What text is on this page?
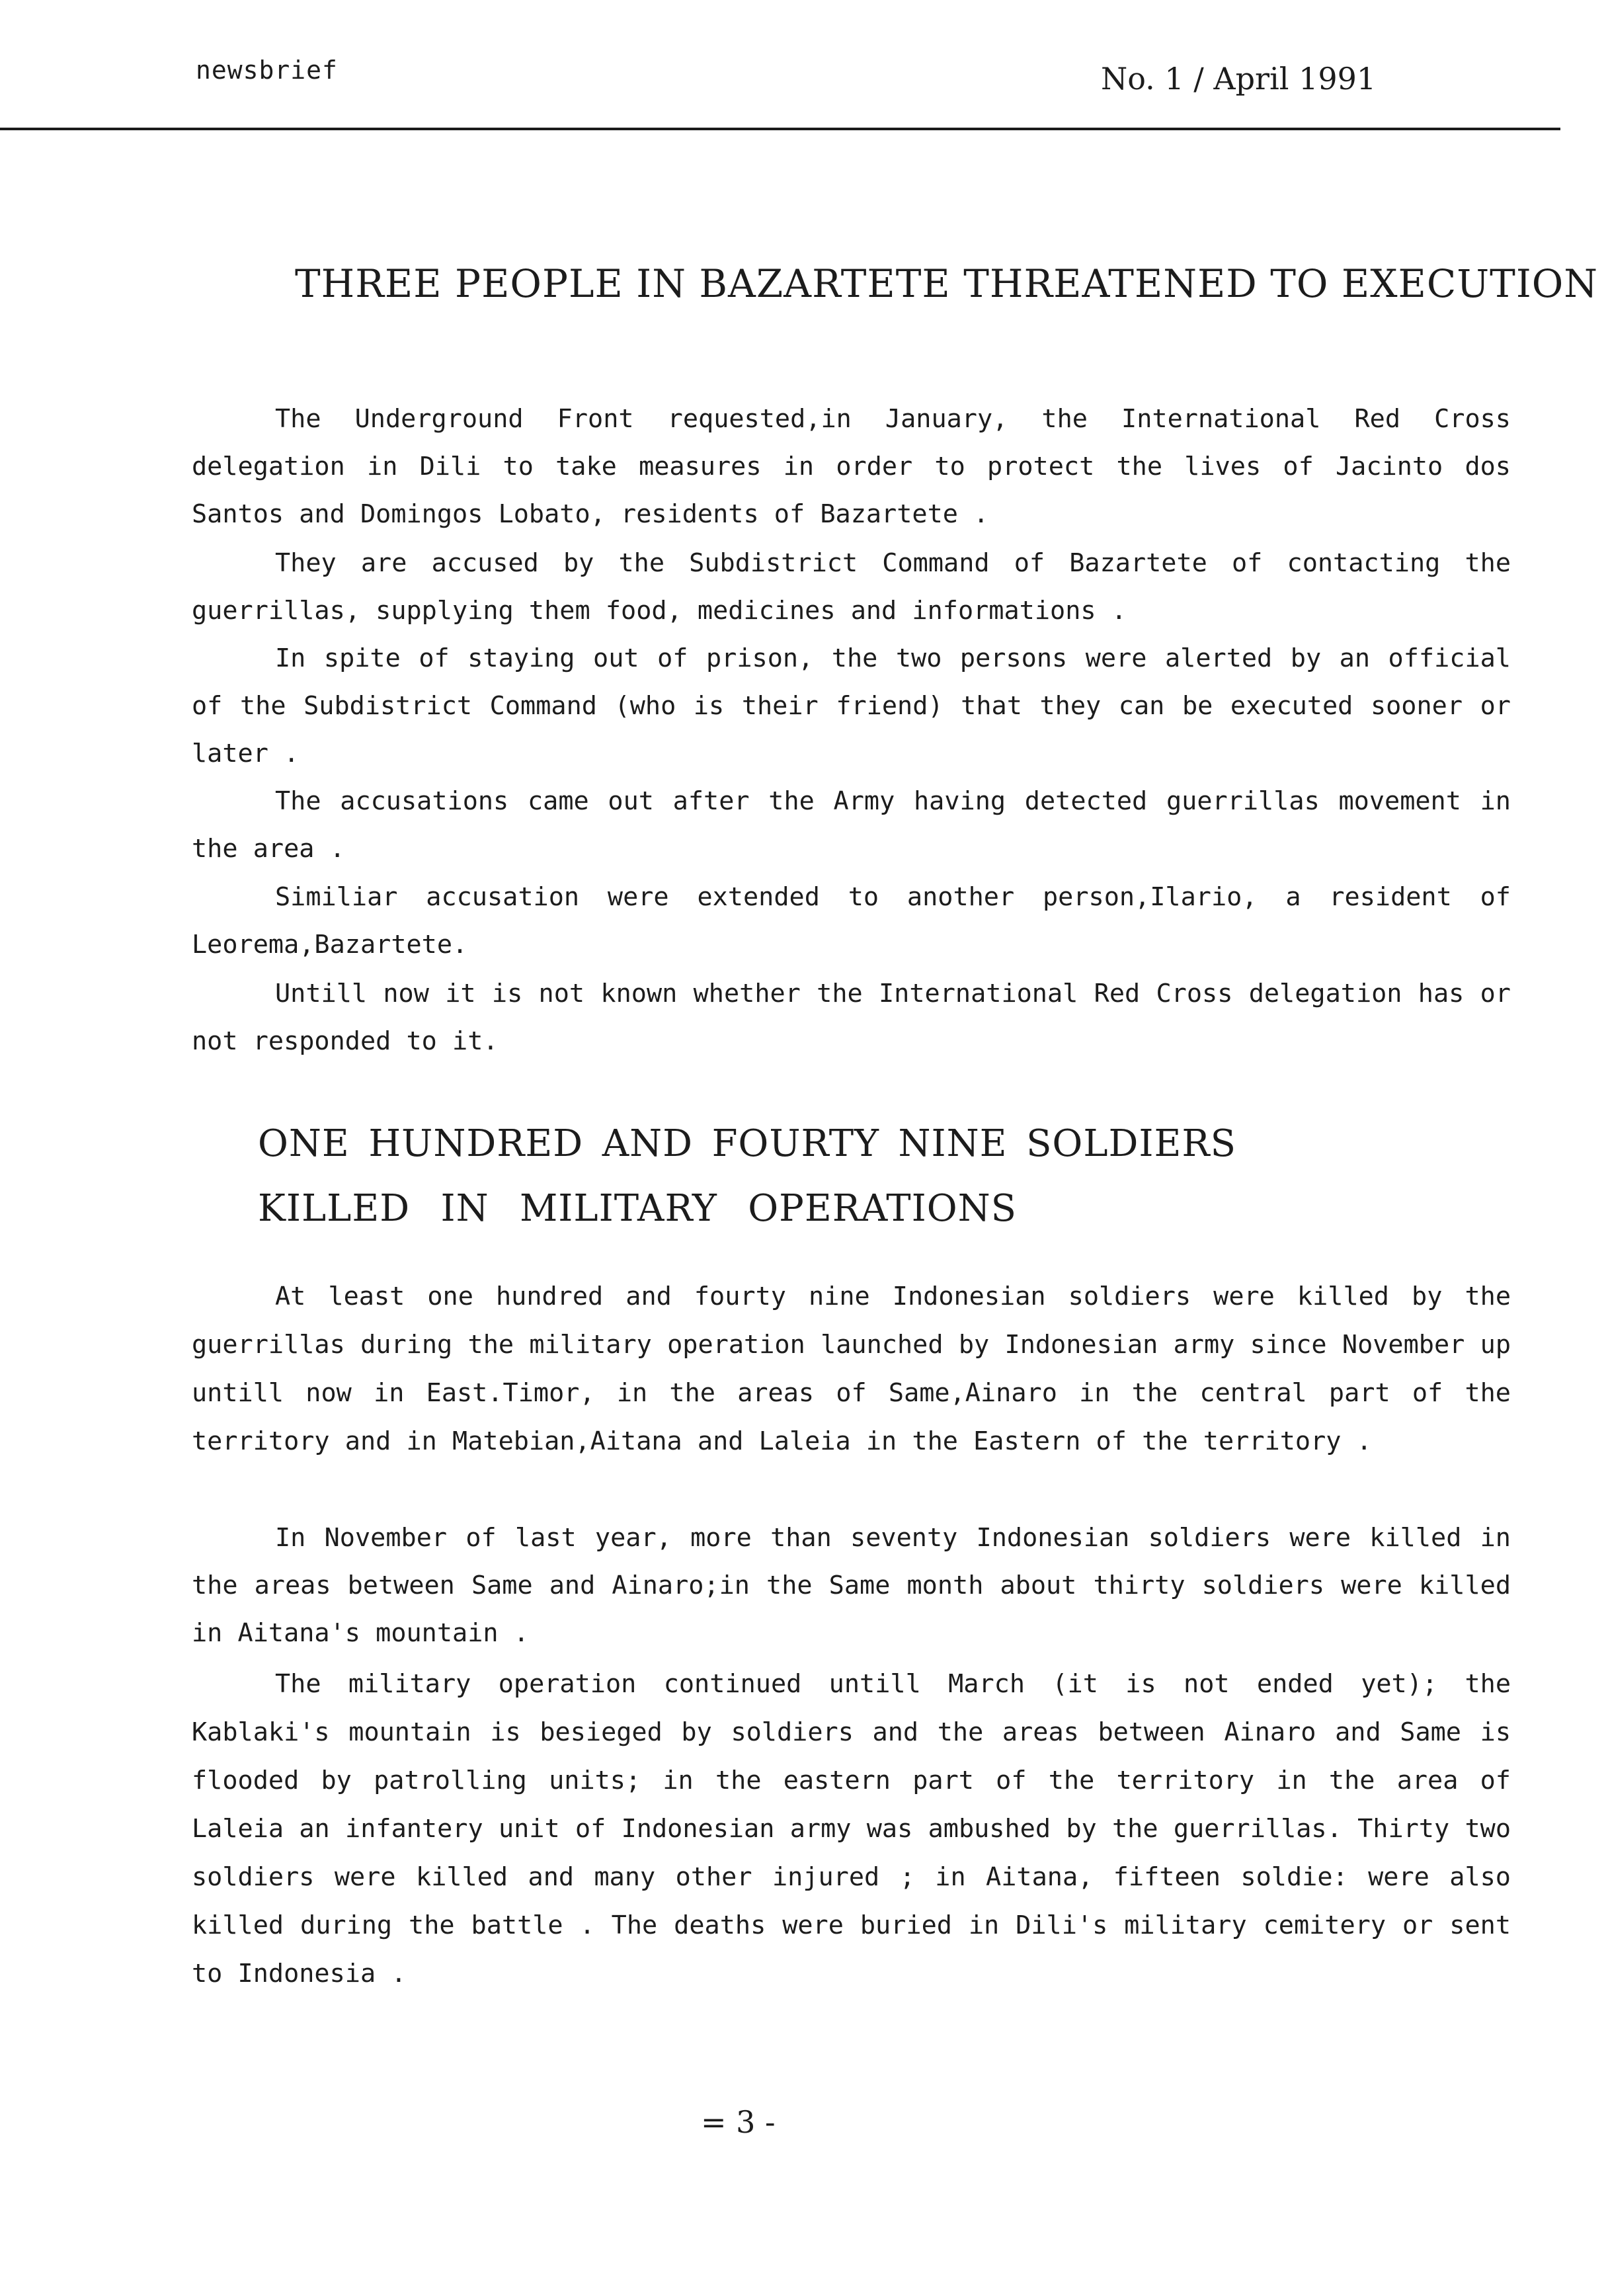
newsbrief	No. 1 / April 1991
THREE PEOPLE IN BAZARTETE THREATENED TO EXECUTION

The Underground Front requested,in January, the International Red Cross delegation in Dili to take measures in order to protect the lives of Jacinto dos Santos and Domingos Lobato, residents of Bazartete .

They are accused by the Subdistrict Command of Bazartete of contacting the guerrillas, supplying them food, medicines and informations .

In spite of staying out of prison, the two persons were alerted by an official of the Subdistrict Command (who is their friend) that they can be executed sooner or later .

The accusations came out after the Army having detected guerrillas movement in the area .

Similiar accusation were extended to another person,Ilario, a resident of Leorema,Bazartete.

Untill now it is not known whether the International Red Cross delegation has or not responded to it.

ONE HUNDRED AND FOURTY NINE SOLDIERS
KILLED IN MILITARY OPERATIONS

At least one hundred and fourty nine Indonesian soldiers were killed by the guerrillas during the military operation launched by Indonesian army since November up untill now in East.Timor, in the areas of Same,Ainaro in the central part of the territory and in Matebian,Aitana and Laleia in the Eastern of the territory .

In November of last year, more than seventy Indonesian soldiers were killed in the areas between Same and Ainaro;in the Same month about thirty soldiers were killed in Aitana's mountain .

The military operation continued untill March (it is not ended yet); the Kablaki's mountain is besieged by soldiers and the areas between Ainaro and Same is flooded by patrolling units; in the eastern part of the territory in the area of Laleia an infantery unit of Indonesian army was ambushed by the guerrillas. Thirty two soldiers were killed and many other injured ; in Aitana, fifteen soldie: were also killed during the battle . The deaths were buried in Dili's military cemitery or sent to Indonesia .

= 3 -
